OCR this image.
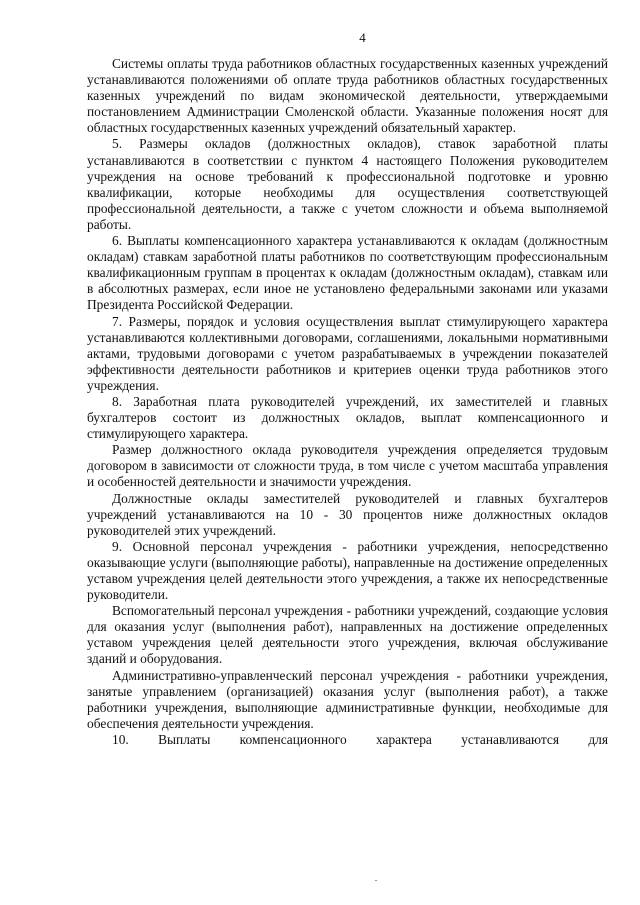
4

Системы оплаты труда работников областных государственных казенных учреждений устанавливаются положениями об оплате труда работников областных государственных казенных учреждений по видам экономической деятельности, утверждаемыми постановлением Администрации Смоленской области. Указанные положения носят для областных государственных казенных учреждений обязательный характер.

5. Размеры окладов (должностных окладов), ставок заработной платы устанавливаются в соответствии с пунктом 4 настоящего Положения руководителем учреждения на основе требований к профессиональной подготовке и уровню квалификации, которые необходимы для осуществления соответствующей профессиональной деятельности, а также с учетом сложности и объема выполняемой работы.

6. Выплаты компенсационного характера устанавливаются к окладам (должностным окладам) ставкам заработной платы работников по соответствующим профессиональным квалификационным группам в процентах к окладам (должностным окладам), ставкам или в абсолютных размерах, если иное не установлено федеральными законами или указами Президента Российской Федерации.

7. Размеры, порядок и условия осуществления выплат стимулирующего характера устанавливаются коллективными договорами, соглашениями, локальными нормативными актами, трудовыми договорами с учетом разрабатываемых в учреждении показателей эффективности деятельности работников и критериев оценки труда работников этого учреждения.

8. Заработная плата руководителей учреждений, их заместителей и главных бухгалтеров состоит из должностных окладов, выплат компенсационного и стимулирующего характера.

Размер должностного оклада руководителя учреждения определяется трудовым договором в зависимости от сложности труда, в том числе с учетом масштаба управления и особенностей деятельности и значимости учреждения.

Должностные оклады заместителей руководителей и главных бухгалтеров учреждений устанавливаются на 10 - 30 процентов ниже должностных окладов руководителей этих учреждений.

9. Основной персонал учреждения - работники учреждения, непосредственно оказывающие услуги (выполняющие работы), направленные на достижение определенных уставом учреждения целей деятельности этого учреждения, а также их непосредственные руководители.

Вспомогательный персонал учреждения - работники учреждений, создающие условия для оказания услуг (выполнения работ), направленных на достижение определенных уставом учреждения целей деятельности этого учреждения, включая обслуживание зданий и оборудования.

Административно-управленческий персонал учреждения - работники учреждения, занятые управлением (организацией) оказания услуг (выполнения работ), а также работники учреждения, выполняющие административные функции, необходимые для обеспечения деятельности учреждения.

10. Выплаты компенсационного характера устанавливаются для
